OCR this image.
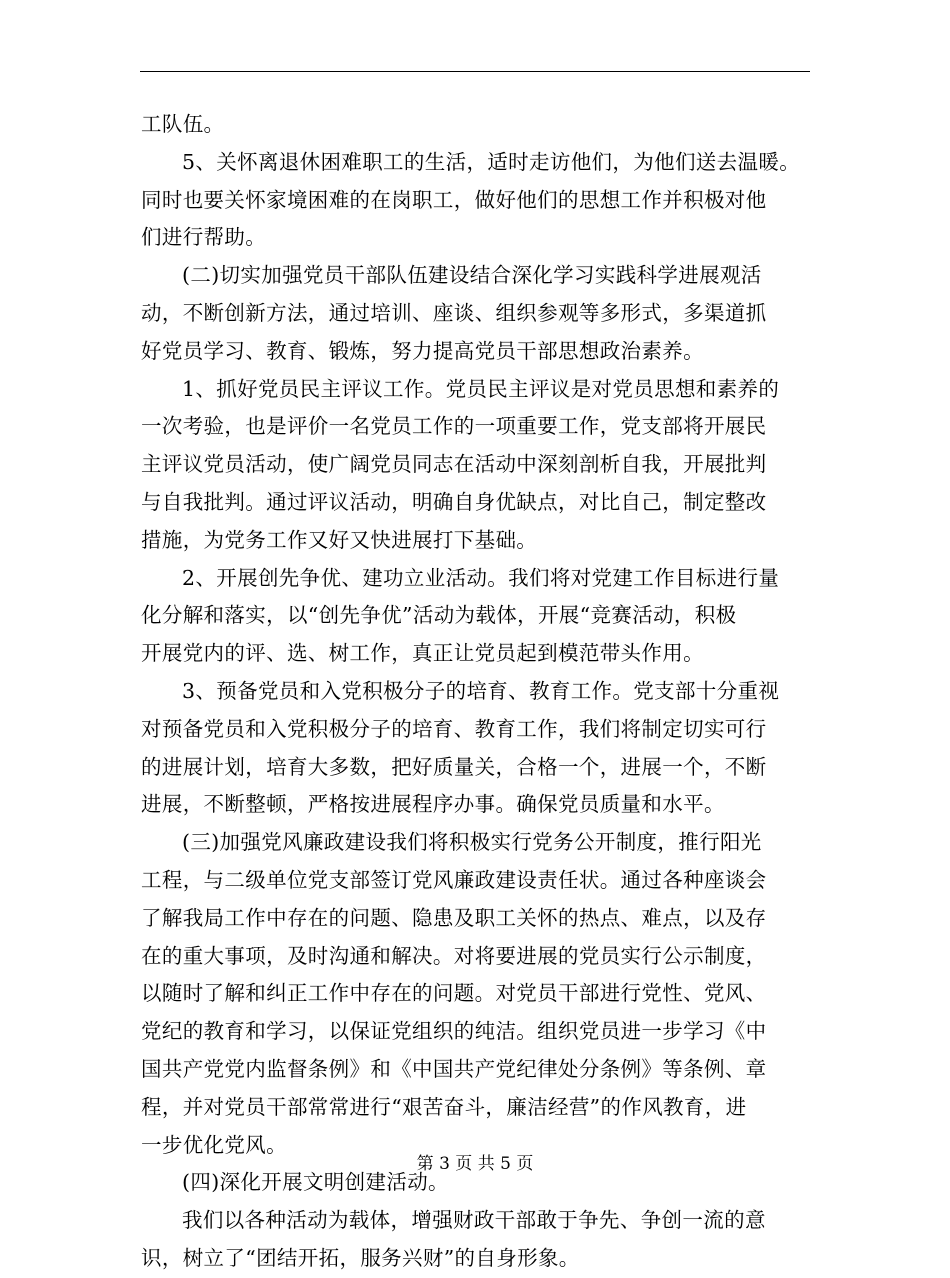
工队伍。
5、关怀离退休困难职工的生活，适时走访他们，为他们送去温暖。
同时也要关怀家境困难的在岗职工，做好他们的思想工作并积极对他
们进行帮助。
(二)切实加强党员干部队伍建设结合深化学习实践科学进展观活
动，不断创新方法，通过培训、座谈、组织参观等多形式，多渠道抓
好党员学习、教育、锻炼，努力提高党员干部思想政治素养。
1、抓好党员民主评议工作。党员民主评议是对党员思想和素养的
一次考验，也是评价一名党员工作的一项重要工作，党支部将开展民
主评议党员活动，使广阔党员同志在活动中深刻剖析自我，开展批判
与自我批判。通过评议活动，明确自身优缺点，对比自己，制定整改
措施，为党务工作又好又快进展打下基础。
2、开展创先争优、建功立业活动。我们将对党建工作目标进行量
化分解和落实，以“创先争优”活动为载体，开展“竞赛活动，积极
开展党内的评、选、树工作，真正让党员起到模范带头作用。
3、预备党员和入党积极分子的培育、教育工作。党支部十分重视
对预备党员和入党积极分子的培育、教育工作，我们将制定切实可行
的进展计划，培育大多数，把好质量关，合格一个，进展一个，不断
进展，不断整顿，严格按进展程序办事。确保党员质量和水平。
(三)加强党风廉政建设我们将积极实行党务公开制度，推行阳光
工程，与二级单位党支部签订党风廉政建设责任状。通过各种座谈会
了解我局工作中存在的问题、隐患及职工关怀的热点、难点，以及存
在的重大事项，及时沟通和解决。对将要进展的党员实行公示制度，
以随时了解和纠正工作中存在的问题。对党员干部进行党性、党风、
党纪的教育和学习，以保证党组织的纯洁。组织党员进一步学习《中
国共产党党内监督条例》和《中国共产党纪律处分条例》等条例、章
程，并对党员干部常常进行“艰苦奋斗，廉洁经营”的作风教育，进
一步优化党风。
(四)深化开展文明创建活动。
我们以各种活动为载体，增强财政干部敢于争先、争创一流的意
识，树立了“团结开拓，服务兴财”的自身形象。
第 3 页 共 5 页
